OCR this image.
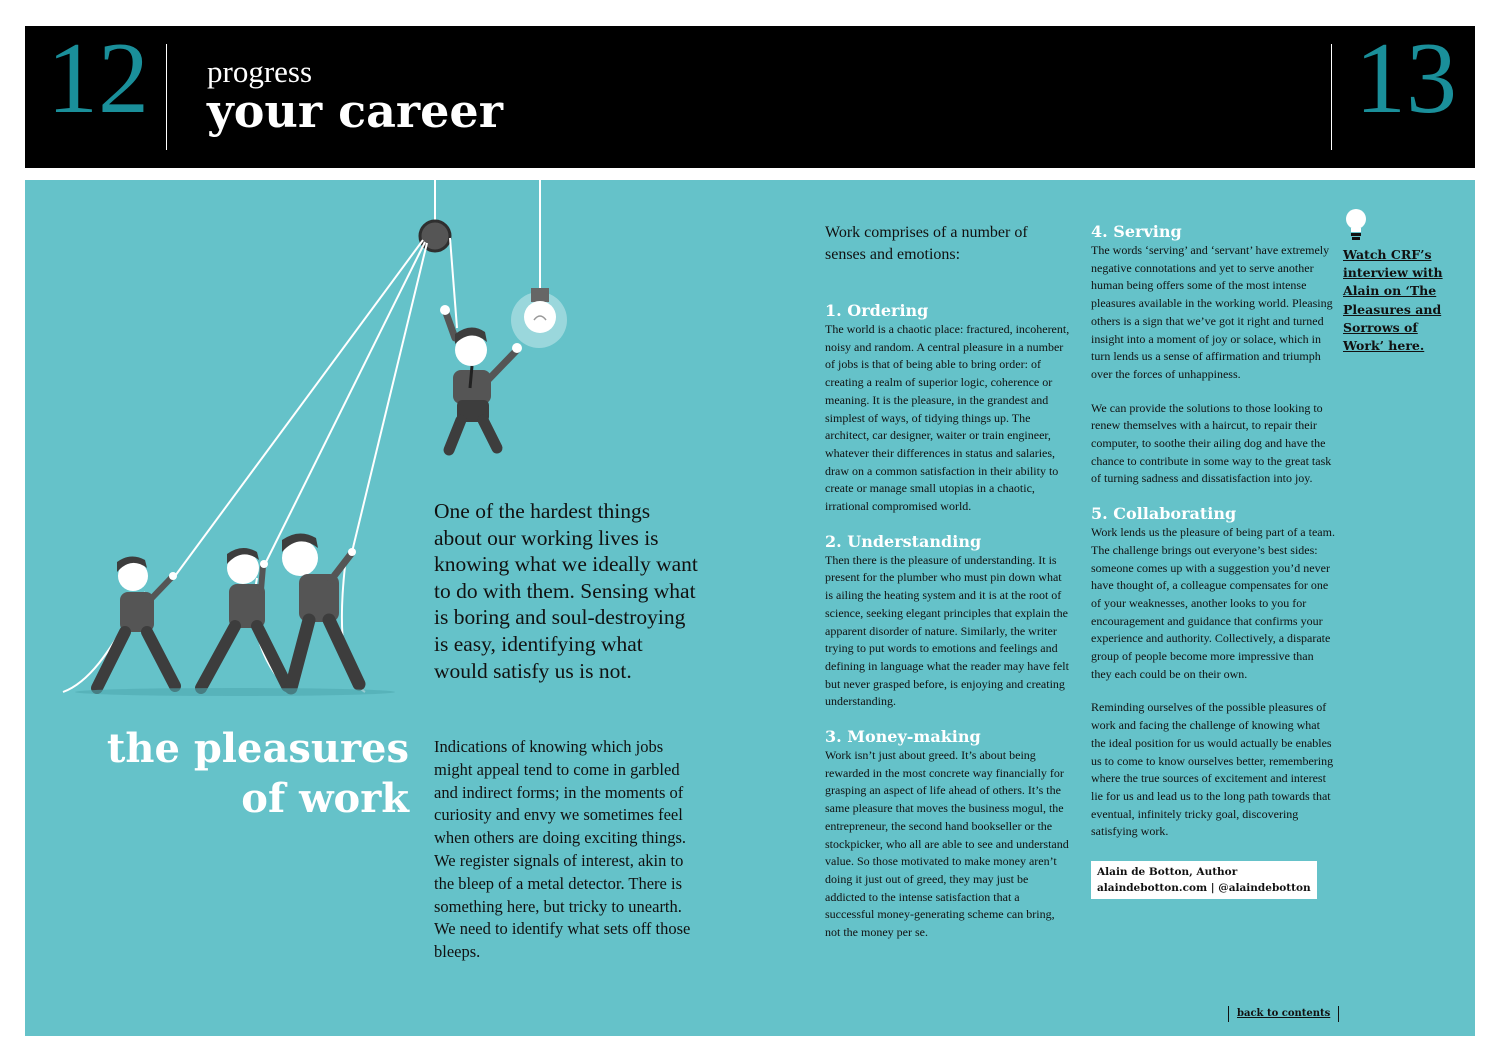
12 progress
your career	13
the pleasures
of work

One of the hardest things about our working lives is knowing what we ideally want to do with them. Sensing what is boring and soul-destroying is easy, identifying what would satisfy us is not.

Indications of knowing which jobs might appeal tend to come in garbled and indirect forms; in the moments of curiosity and envy we sometimes feel when others are doing exciting things. We register signals of interest, akin to the bleep of a metal detector. There is something here, but tricky to unearth. We need to identify what sets off those bleeps.

Work comprises of a number of senses and emotions:

1. Ordering

The world is a chaotic place: fractured, incoherent, noisy and random. A central pleasure in a number of jobs is that of being able to bring order: of creating a realm of superior logic, coherence or meaning. It is the pleasure, in the grandest and simplest of ways, of tidying things up. The architect, car designer, waiter or train engineer, whatever their differences in status and salaries, draw on a common satisfaction in their ability to create or manage small utopias in a chaotic, irrational compromised world.

2. Understanding

Then there is the pleasure of understanding. It is present for the plumber who must pin down what is ailing the heating system and it is at the root of science, seeking elegant principles that explain the apparent disorder of nature. Similarly, the writer trying to put words to emotions and feelings and defining in language what the reader may have felt but never grasped before, is enjoying and creating understanding.

3. Money-making

Work isn’t just about greed. It’s about being rewarded in the most concrete way financially for grasping an aspect of life ahead of others. It’s the same pleasure that moves the business mogul, the entrepreneur, the second hand bookseller or the stockpicker, who all are able to see and understand value. So those motivated to make money aren’t doing it just out of greed, they may just be addicted to the intense satisfaction that a successful money-generating scheme can bring, not the money per se.

4. Serving

The words ‘serving’ and ‘servant’ have extremely negative connotations and yet to serve another human being offers some of the most intense pleasures available in the working world. Pleasing others is a sign that we’ve got it right and turned insight into a moment of joy or solace, which in turn lends us a sense of affirmation and triumph over the forces of unhappiness.

We can provide the solutions to those looking to renew themselves with a haircut, to repair their computer, to soothe their ailing dog and have the chance to contribute in some way to the great task of turning sadness and dissatisfaction into joy.

5. Collaborating

Work lends us the pleasure of being part of a team. The challenge brings out everyone’s best sides: someone comes up with a suggestion you’d never have thought of, a colleague compensates for one of your weaknesses, another looks to you for encouragement and guidance that confirms your experience and authority. Collectively, a disparate group of people become more impressive than they each could be on their own.

Reminding ourselves of the possible pleasures of work and facing the challenge of knowing what the ideal position for us would actually be enables us to come to know ourselves better, remembering where the true sources of excitement and interest lie for us and lead us to the long path towards that eventual, infinitely tricky goal, discovering satisfying work.

Alain de Botton, Author
alaindebotton.com | @alaindebotton
Watch CRF’s interview with Alain on ‘The Pleasures and Sorrows of Work’ here.
back to contents
